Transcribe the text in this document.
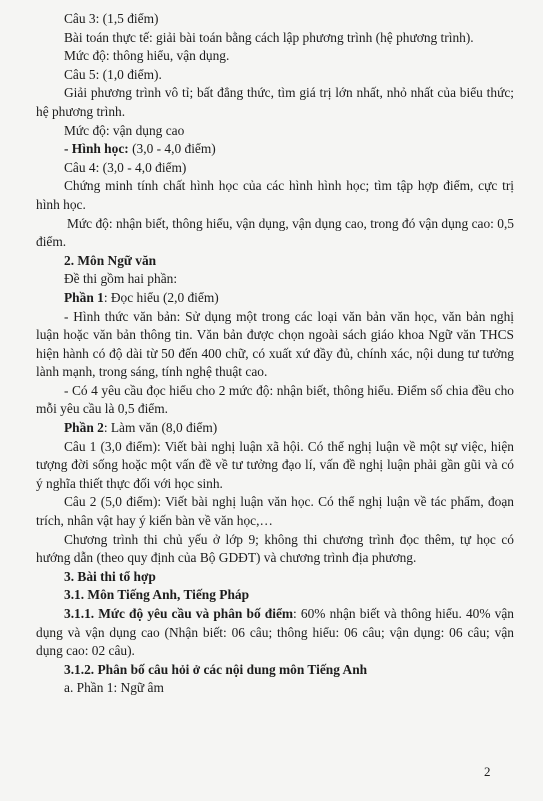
Câu 3: (1,5 điểm)

Bài toán thực tế: giải bài toán bằng cách lập phương trình (hệ phương trình).

Mức độ: thông hiểu, vận dụng.

Câu 5: (1,0 điểm).

Giải phương trình vô tỉ; bất đẳng thức, tìm giá trị lớn nhất, nhỏ nhất của biểu thức; hệ phương trình.

Mức độ: vận dụng cao

- Hình học: (3,0 - 4,0 điểm)

Câu 4: (3,0 - 4,0 điểm)

Chứng minh tính chất hình học của các hình hình học; tìm tập hợp điểm, cực trị hình học.

Mức độ: nhận biết, thông hiểu, vận dụng, vận dụng cao, trong đó vận dụng cao: 0,5 điểm.

2. Môn Ngữ văn

Đề thi gồm hai phần:

Phần 1: Đọc hiểu (2,0 điểm)

- Hình thức văn bản: Sử dụng một trong các loại văn bản văn học, văn bản nghị luận hoặc văn bản thông tin. Văn bản được chọn ngoài sách giáo khoa Ngữ văn THCS hiện hành có độ dài từ 50 đến 400 chữ, có xuất xứ đầy đủ, chính xác, nội dung tư tưởng lành mạnh, trong sáng, tính nghệ thuật cao.

- Có 4 yêu cầu đọc hiểu cho 2 mức độ: nhận biết, thông hiểu. Điểm số chia đều cho mỗi yêu cầu là 0,5 điểm.

Phần 2: Làm văn (8,0 điểm)

Câu 1 (3,0 điểm): Viết bài nghị luận xã hội. Có thể nghị luận về một sự việc, hiện tượng đời sống hoặc một vấn đề về tư tưởng đạo lí, vấn đề nghị luận phải gần gũi và có ý nghĩa thiết thực đối với học sinh.

Câu 2 (5,0 điểm): Viết bài nghị luận văn học. Có thể nghị luận về tác phẩm, đoạn trích, nhân vật hay ý kiến bàn về văn học,…

Chương trình thi chủ yếu ở lớp 9; không thi chương trình đọc thêm, tự học có hướng dẫn (theo quy định của Bộ GDĐT) và chương trình địa phương.

3. Bài thi tổ hợp

3.1. Môn Tiếng Anh, Tiếng Pháp

3.1.1. Mức độ yêu cầu và phân bố điểm: 60% nhận biết và thông hiểu. 40% vận dụng và vận dụng cao (Nhận biết: 06 câu; thông hiểu: 06 câu; vận dụng: 06 câu; vận dụng cao: 02 câu).

3.1.2. Phân bố câu hỏi ở các nội dung môn Tiếng Anh

a. Phần 1: Ngữ âm

2
